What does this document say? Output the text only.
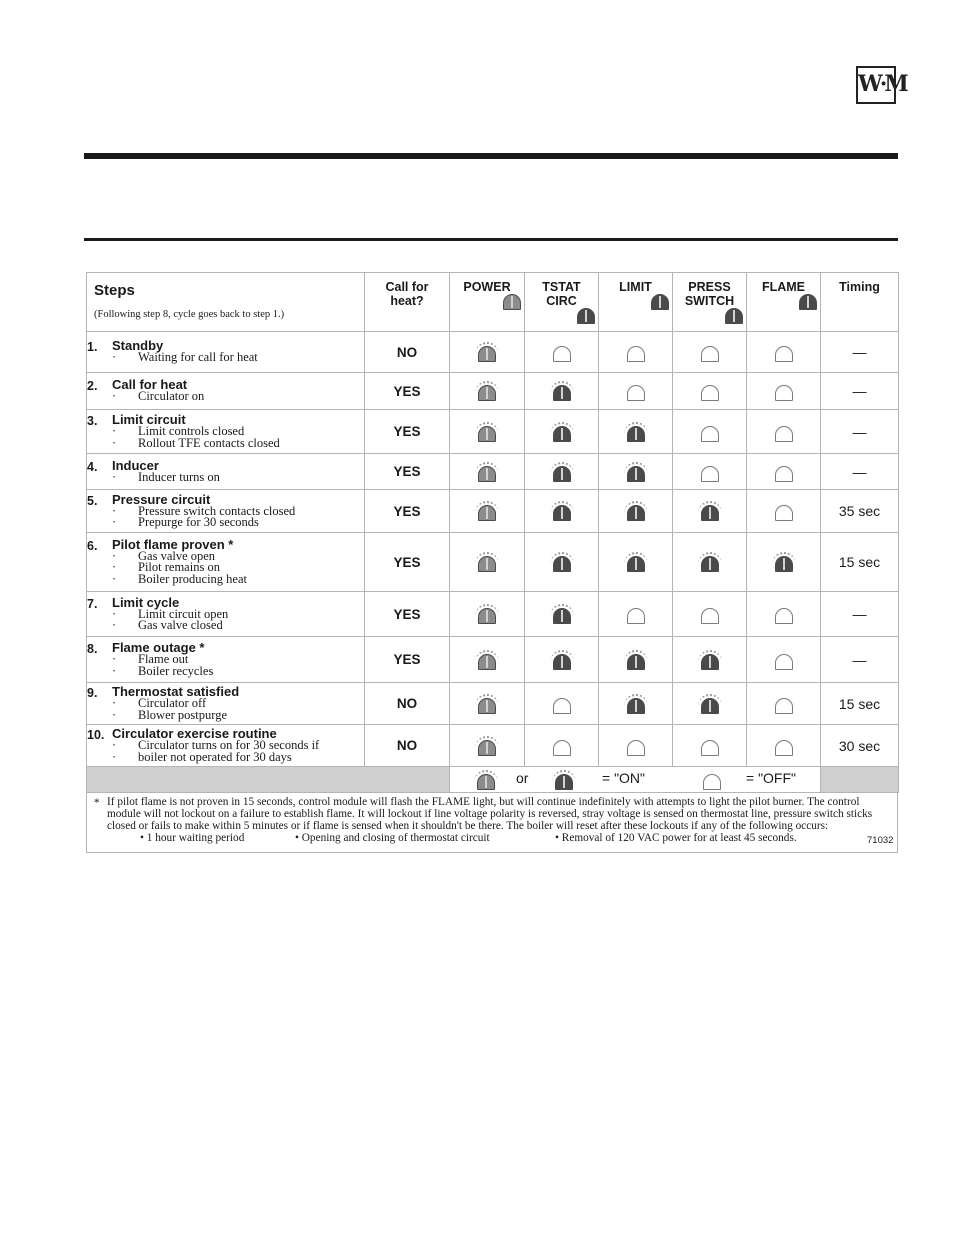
W·M
Steps
(Following step 8, cycle goes back to step 1.)	Call for
heat?	POWER	TSTAT
CIRC	LIMIT	PRESS
SWITCH	FLAME	Timing

1. Standby
· Waiting for call for heat	NO						—
2. Call for heat
· Circulator on	YES						—
3. Limit circuit
· Limit controls closed
· Rollout TFE contacts closed	YES						—
4. Inducer
· Inducer turns on	YES						—
5. Pressure circuit
· Pressure switch contacts closed
· Prepurge for 30 seconds	YES						35 sec
6. Pilot flame proven *
· Gas valve open
· Pilot remains on
· Boiler producing heat	YES						15 sec
7. Limit cycle
· Limit circuit open
· Gas valve closed	YES						—
8. Flame outage *
· Flame out
· Boiler recycles	YES						—
9. Thermostat satisfied
· Circulator off
· Blower postpurge	NO						15 sec
10. Circulator exercise routine
· Circulator turns on for 30 seconds if
· boiler not operated for 30 days	NO						30 sec

		or = "ON" = "OFF"					

* If pilot flame is not proven in 15 seconds, control module will flash the FLAME light, but will continue indefinitely with attempts to light the pilot burner. The control module will not lockout on a failure to establish flame. It will lockout if line voltage polarity is reversed, stray voltage is sensed on thermostat line, pressure switch sticks closed or fails to make within 5 minutes or if flame is sensed when it shouldn't be there. The boiler will reset after these lockouts if any of the following occurs:
• 1 hour waiting period	• Opening and closing of thermostat circuit	• Removal of 120 VAC power for at least 45 seconds.	71032
